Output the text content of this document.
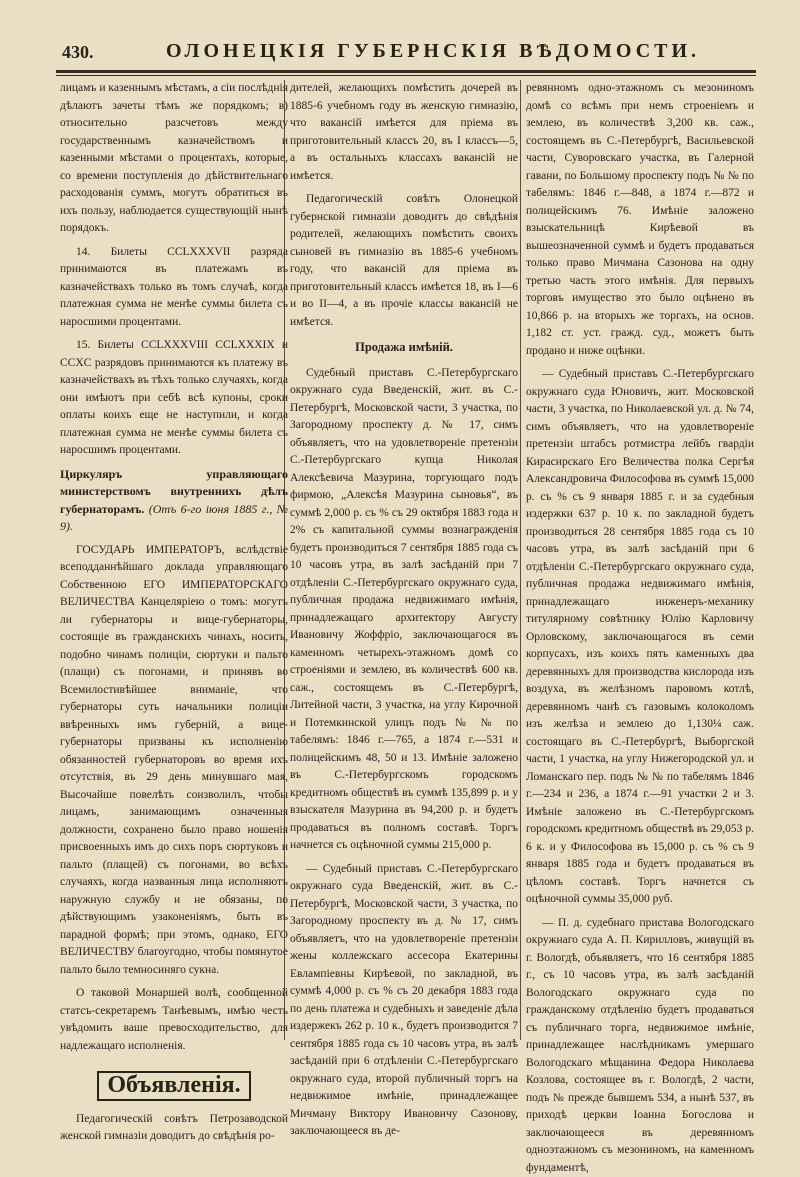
430.	ОЛОНЕЦКІЯ ГУБЕРНСКІЯ ВѢДОМОСТИ.

лицамъ и казеннымъ мѣстамъ, а сіи послѣднія дѣлаютъ зачеты тѣмъ же порядкомъ; в) относительно разсчетовъ между государственнымъ казначействомъ и казенными мѣстами о процентахъ, которые, со времени поступленія до дѣйствительнаго расходованія суммъ, могутъ обратиться въ ихъ пользу, наблюдается существующій нынѣ порядокъ.

14. Билеты CCLXXXVII разряда принимаются въ платежамъ въ казначействахъ только въ томъ случаѣ, когда платежная сумма не менѣе суммы билета съ наросшими процентами.

15. Билеты CCLXXXVIII CCLXXXIX и CCXC разрядовъ принимаются къ платежу въ казначействахъ въ тѣхъ только случаяхъ, когда они имѣютъ при себѣ всѣ купоны, сроки оплаты коихъ еще не наступили, и когда платежная сумма не менѣе суммы билета съ наросшимъ процентами.

Циркуляръ управляющаго министерствомъ внутреннихъ дѣлъ губернаторамъ. (Отъ 6-го іюня 1885 г., № 9).

ГОСУДАРЬ ИМПЕРАТОРЪ, вслѣдствіе всеподданнѣйшаго доклада управляющаго Собственною ЕГО ИМПЕРАТОРСКАГО ВЕЛИЧЕСТВА Канцеляріею о томъ: могутъ ли губернаторы и вице-губернаторы, состоящіе въ гражданскихъ чинахъ, носить, подобно чинамъ полиціи, сюртуки и пальто (плащи) съ погонами, и принявъ во Всемилостивѣйшее вниманіе, что губернаторы суть начальники полиціи ввѣренныхъ имъ губерній, а вице-губернаторы призваны къ исполненію обязанностей губернаторовъ во время ихъ отсутствія, въ 29 день минувшаго мая, Высочайше повелѣть соизволилъ, чтобы лицамъ, занимающимъ означенныя должности, сохранено было право ношенія присвоенныхъ имъ до сихъ поръ сюртуковъ и пальто (плащей) съ погонами, во всѣхъ случаяхъ, когда названныя лица исполняютъ наружную службу и не обязаны, по дѣйствующимъ узаконеніямъ, быть въ парадной формѣ; при этомъ, однако, ЕГО ВЕЛИЧЕСТВУ благоугодно, чтобы помянутое пальто было темносиняго сукна.

О таковой Монаршей волѣ, сообщенной статсъ-секретаремъ Танѣевымъ, имѣю честь увѣдомить ваше превосходительство, для надлежащаго исполненія.

Объявленія.

Педагогическій совѣтъ Петрозаводской женской гимназіи доводитъ до свѣдѣнія ро-

дителей, желающихъ помѣстить дочерей въ 1885-6 учебномъ году въ женскую гимназію, что вакансій имѣется для пріема въ приготовительный классъ 20, въ I классъ—5, а въ остальныхъ классахъ вакансій не имѣется.

Педагогическій совѣтъ Олонецкой губернской гимназіи доводитъ до свѣдѣнія родителей, желающихъ помѣстить своихъ сыновей въ гимназію въ 1885-6 учебномъ году, что вакансій для пріема въ приготовительный классъ имѣется 18, въ I—6 и во II—4, а въ прочіе классы вакансій не имѣется.

Продажа имѣній.

Судебный приставъ С.-Петербургскаго окружнаго суда Введенскій, жит. въ С.-Петербургѣ, Московской части, 3 участка, по Загородному проспекту д. № 17, симъ объявляетъ, что на удовлетвореніе претензіи С.-Петербургскаго купца Николая Алексѣевича Мазурина, торгующаго подъ фирмою, „Алексѣя Мазурина сыновья“, въ суммѣ 2,000 р. съ % съ 29 октября 1883 года и 2% съ капитальной суммы вознагражденія будетъ производиться 7 сентября 1885 года съ 10 часовъ утра, въ залѣ засѣданій при 7 отдѣленіи С.-Петербургскаго окружнаго суда, публичная продажа недвижимаго имѣнія, принадлежащаго архитектору Августу Ивановичу Жоффріо, заключающагося въ каменномъ четырехъ-этажномъ домѣ со строеніями и землею, въ количествѣ 600 кв. саж., состоящемъ въ С.-Петербургѣ, Литейной части, 3 участка, на углу Кирочной и Потемкинской улицъ подъ № № по табелямъ: 1846 г.—765, а 1874 г.—531 и полицейскимъ 48, 50 и 13. Имѣніе заложено въ С.-Петербургскомъ городскомъ кредитномъ обществѣ въ суммѣ 135,899 р. и у взыскателя Мазурина въ 94,200 р. и будетъ продаваться въ полномъ составѣ. Торгъ начнется съ оцѣночной суммы 215,000 р.

— Судебный приставъ С.-Петербургскаго окружнаго суда Введенскій, жит. въ С.-Петербургѣ, Московской части, 3 участка, по Загородному проспекту въ д. № 17, симъ объявляетъ, что на удовлетвореніе претензіи жены коллежскаго ассесора Екатерины Евлампіевны Кирѣевой, по закладной, въ суммѣ 4,000 р. съ % съ 20 декабря 1883 года по день платежа и судебныхъ и заведеніе дѣла издержекъ 262 р. 10 к., будетъ производится 7 сентября 1885 года съ 10 часовъ утра, въ залѣ засѣданій при 6 отдѣленіи С.-Петербургскаго окружнаго суда, второй публичный торгъ на недвижимое имѣніе, принадлежащее Мичману Виктору Ивановичу Сазонову, заключающееся въ де-

ревянномъ одно-этажномъ съ мезониномъ домѣ со всѣмъ при немъ строеніемъ и землею, въ количествѣ 3,200 кв. саж., состоящемъ въ С.-Петербургѣ, Васильевской части, Суворовскаго участка, въ Галерной гавани, по Большому проспекту подъ № № по табелямъ: 1846 г.—848, а 1874 г.—872 и полицейскимъ 76. Имѣніе заложено взыскательницѣ Кирѣевой въ вышеозначенной суммѣ и будетъ продаваться только право Мичмана Сазонова на одну третью часть этого имѣнія. Для первыхъ торговъ имущество это было оцѣнено въ 10,866 р. на вторыхъ же торгахъ, на основ. 1,182 ст. уст. гражд. суд., можетъ быть продано и ниже оцѣнки.

— Судебный приставъ С.-Петербургскаго окружнаго суда Юновичъ, жит. Московской части, 3 участка, по Николаевской ул. д. № 74, симъ объявляетъ, что на удовлетвореніе претензіи штабсъ ротмистра лейбъ гвардіи Кирасирскаго Его Величества полка Сергѣя Александровича Философова въ суммѣ 15,000 р. съ % съ 9 января 1885 г. и за судебныя издержки 637 р. 10 к. по закладной будетъ производиться 28 сентября 1885 года съ 10 часовъ утра, въ залѣ засѣданій при 6 отдѣленіи С.-Петербургскаго окружнаго суда, публичная продажа недвижимаго имѣнія, принадлежащаго инженеръ-механику титулярному совѣтнику Юлію Карловичу Орловскому, заключающагося въ семи корпусахъ, изъ коихъ пять каменныхъ два деревянныхъ для производства кислорода изъ воздуха, въ желѣзномъ паровомъ котлѣ, деревянномъ чанѣ съ газовымъ колоколомъ изъ желѣза и землею до 1,130¼ саж. состоящаго въ С.-Петербургѣ, Выборгской части, 1 участка, на углу Нижегородской ул. и Ломанскаго пер. подъ № № по табелямъ 1846 г.—234 и 236, а 1874 г.—91 участки 2 и 3. Имѣніе заложено въ С.-Петербургскомъ городскомъ кредитномъ обществѣ въ 29,053 р. 6 к. и у Философова въ 15,000 р. съ % съ 9 января 1885 года и будетъ продаваться въ цѣломъ составѣ. Торгъ начнется съ оцѣночной суммы 35,000 руб.

— П. д. судебнаго пристава Вологодскаго окружнаго суда А. П. Кирилловъ, живущій въ г. Вологдѣ, объявляетъ, что 16 сентября 1885 г., съ 10 часовъ утра, въ залѣ засѣданій Вологодскаго окружнаго суда по гражданскому отдѣленію будетъ продаваться съ публичнаго торга, недвижимое имѣніе, принадлежащее наслѣдникамъ умершаго Вологодскаго мѣщанина Федора Николаева Козлова, состоящее въ г. Вологдѣ, 2 части, подъ № прежде бывшемъ 534, а нынѣ 537, въ приходѣ церкви Іоанна Богослова и заключающееся въ деревянномъ одноэтажномъ съ мезониномъ, на каменномъ фундаментѣ,
